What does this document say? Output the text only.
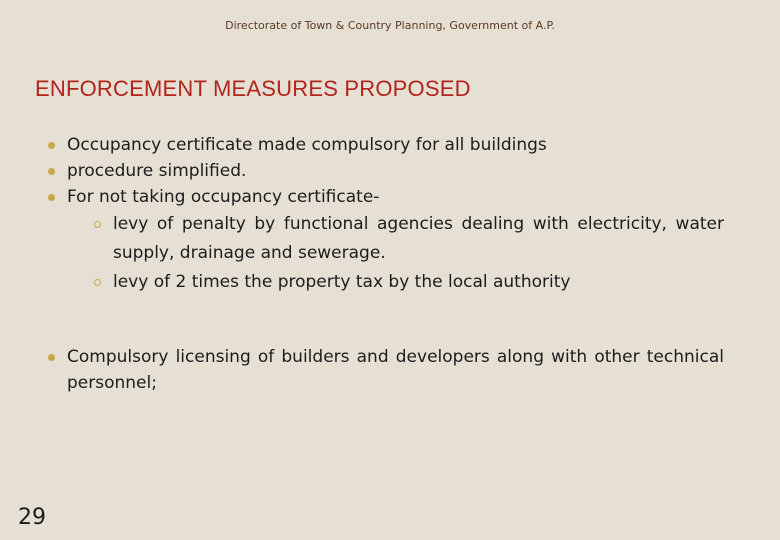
Directorate of Town & Country Planning, Government of A.P.
ENFORCEMENT MEASURES PROPOSED
Occupancy certificate made compulsory for all buildings
procedure simplified.
For not taking occupancy certificate-
levy of penalty by functional agencies dealing with electricity, water supply, drainage and sewerage.
levy of 2 times the property tax by the local authority
Compulsory licensing of builders and developers along with other technical personnel;
29
